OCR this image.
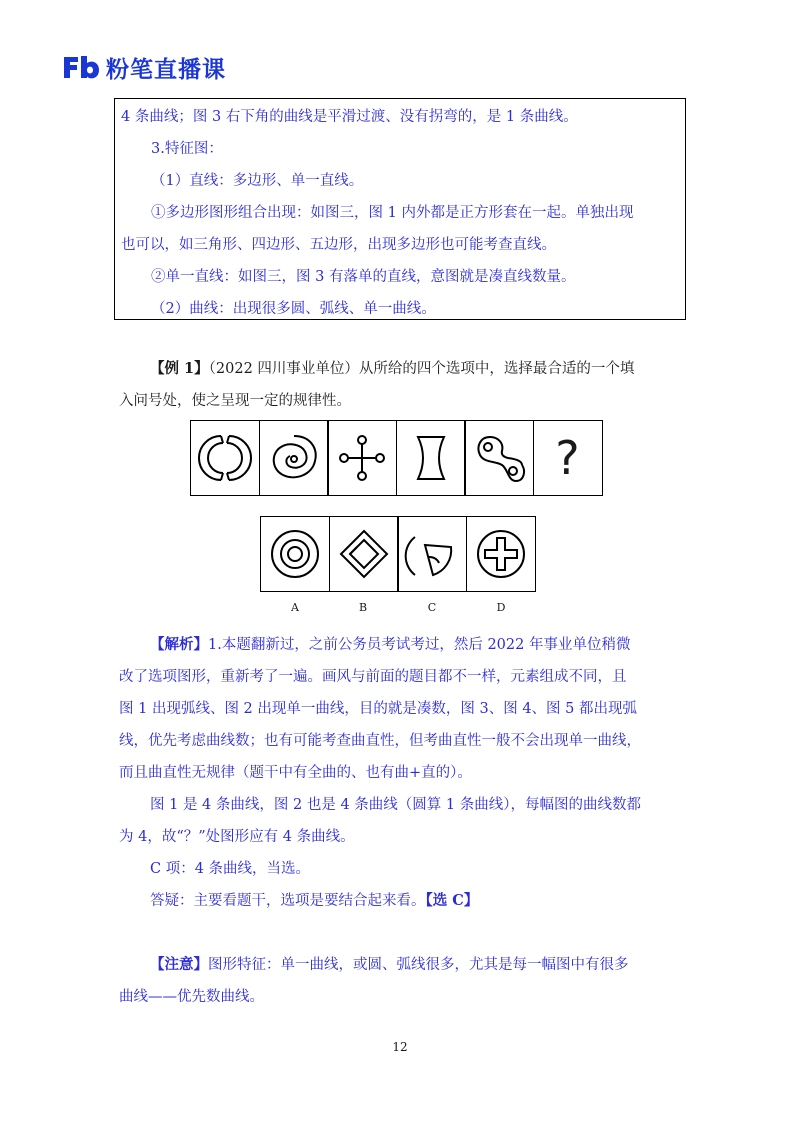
粉笔直播课
4 条曲线；图 3 右下角的曲线是平滑过渡、没有拐弯的，是 1 条曲线。
3.特征图：
（1）直线：多边形、单一直线。
①多边形图形组合出现：如图三，图 1 内外都是正方形套在一起。单独出现
也可以，如三角形、四边形、五边形，出现多边形也可能考查直线。
②单一直线：如图三，图 3 有落单的直线，意图就是凑直线数量。
（2）曲线：出现很多圆、弧线、单一曲线。
【例 1】（2022 四川事业单位）从所给的四个选项中，选择最合适的一个填
入问号处，使之呈现一定的规律性。
?
A	B	C	D
【解析】1.本题翻新过，之前公务员考试考过，然后 2022 年事业单位稍微
改了选项图形，重新考了一遍。画风与前面的题目都不一样，元素组成不同，且
图 1 出现弧线、图 2 出现单一曲线，目的就是凑数，图 3、图 4、图 5 都出现弧
线，优先考虑曲线数；也有可能考查曲直性，但考曲直性一般不会出现单一曲线，
而且曲直性无规律（题干中有全曲的、也有曲+直的）。
图 1 是 4 条曲线，图 2 也是 4 条曲线（圆算 1 条曲线），每幅图的曲线数都
为 4，故“？”处图形应有 4 条曲线。
C 项：4 条曲线，当选。
答疑：主要看题干，选项是要结合起来看。【选 C】
【注意】图形特征：单一曲线，或圆、弧线很多，尤其是每一幅图中有很多
曲线——优先数曲线。
12
